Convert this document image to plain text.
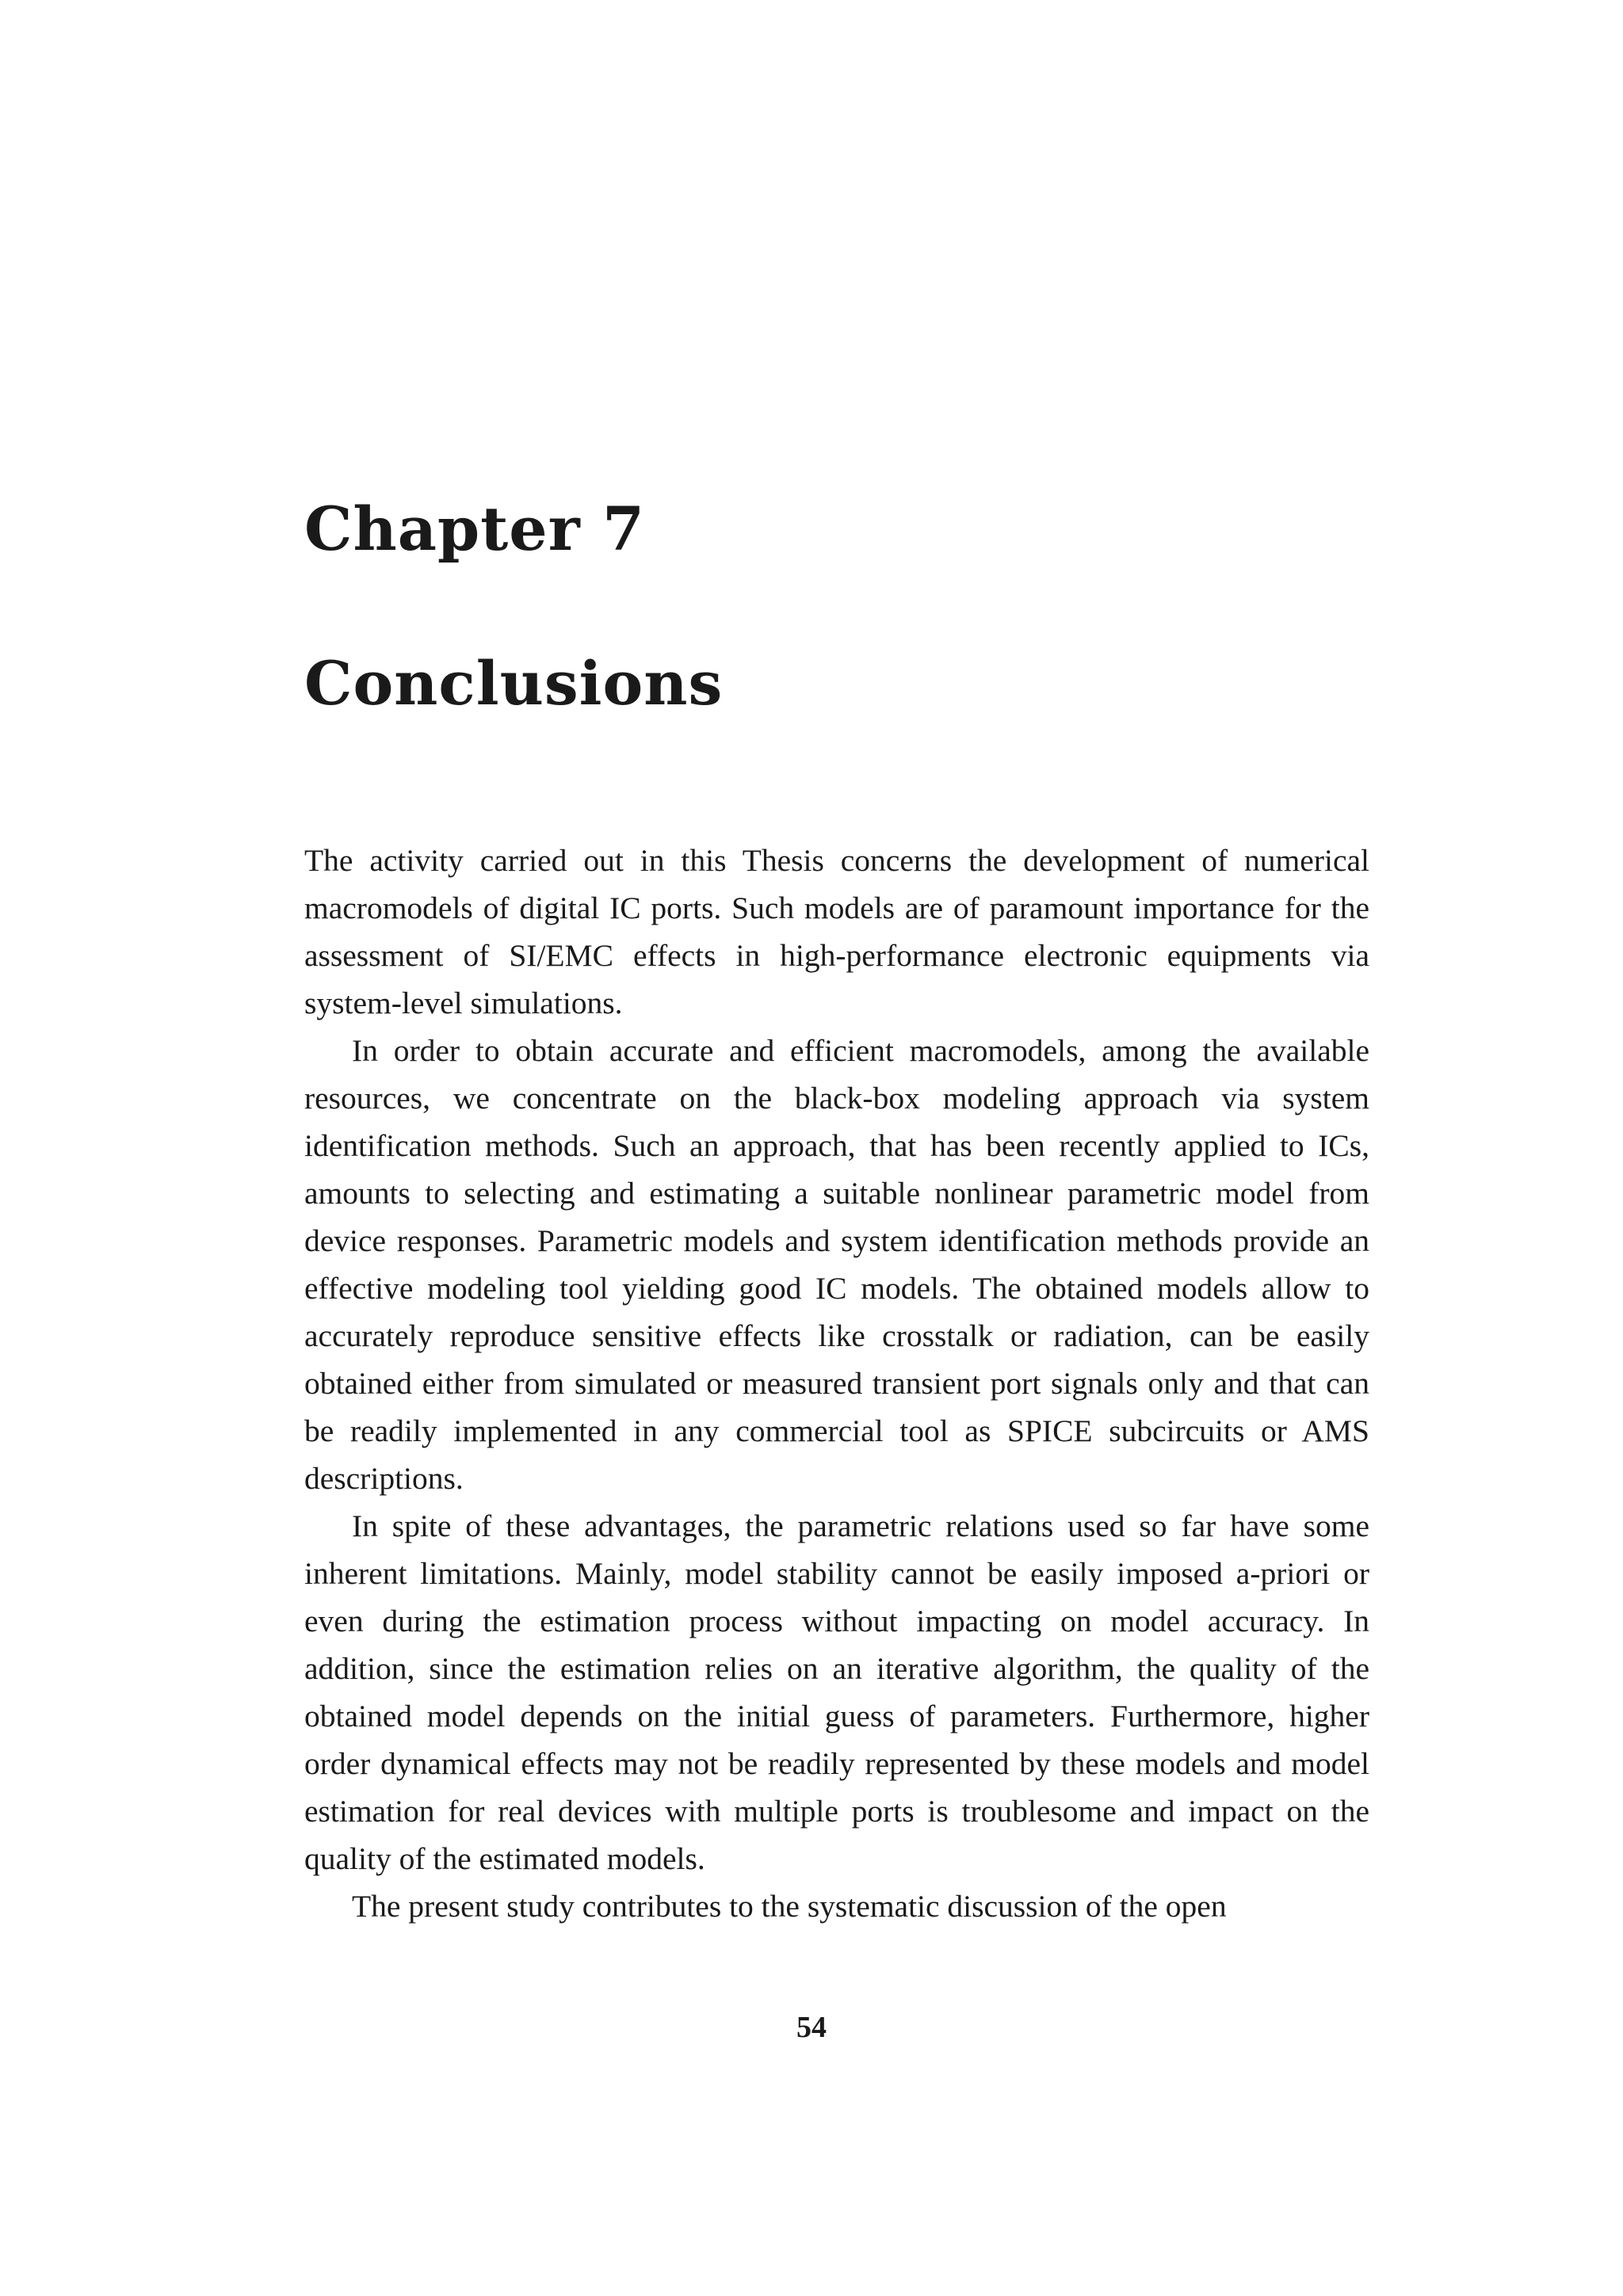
Chapter 7
Conclusions

The activity carried out in this Thesis concerns the development of numerical macromodels of digital IC ports. Such models are of paramount importance for the assessment of SI/EMC effects in high-performance electronic equipments via system-level simulations.

In order to obtain accurate and efficient macromodels, among the available resources, we concentrate on the black-box modeling approach via system identification methods. Such an approach, that has been recently applied to ICs, amounts to selecting and estimating a suitable nonlinear parametric model from device responses. Parametric models and system identification methods provide an effective modeling tool yielding good IC models. The obtained models allow to accurately reproduce sensitive effects like crosstalk or radiation, can be easily obtained either from simulated or measured transient port signals only and that can be readily implemented in any commercial tool as SPICE subcircuits or AMS descriptions.

In spite of these advantages, the parametric relations used so far have some inherent limitations. Mainly, model stability cannot be easily imposed a-priori or even during the estimation process without impacting on model accuracy. In addition, since the estimation relies on an iterative algorithm, the quality of the obtained model depends on the initial guess of parameters. Furthermore, higher order dynamical effects may not be readily represented by these models and model estimation for real devices with multiple ports is troublesome and impact on the quality of the estimated models.

The present study contributes to the systematic discussion of the open

54
